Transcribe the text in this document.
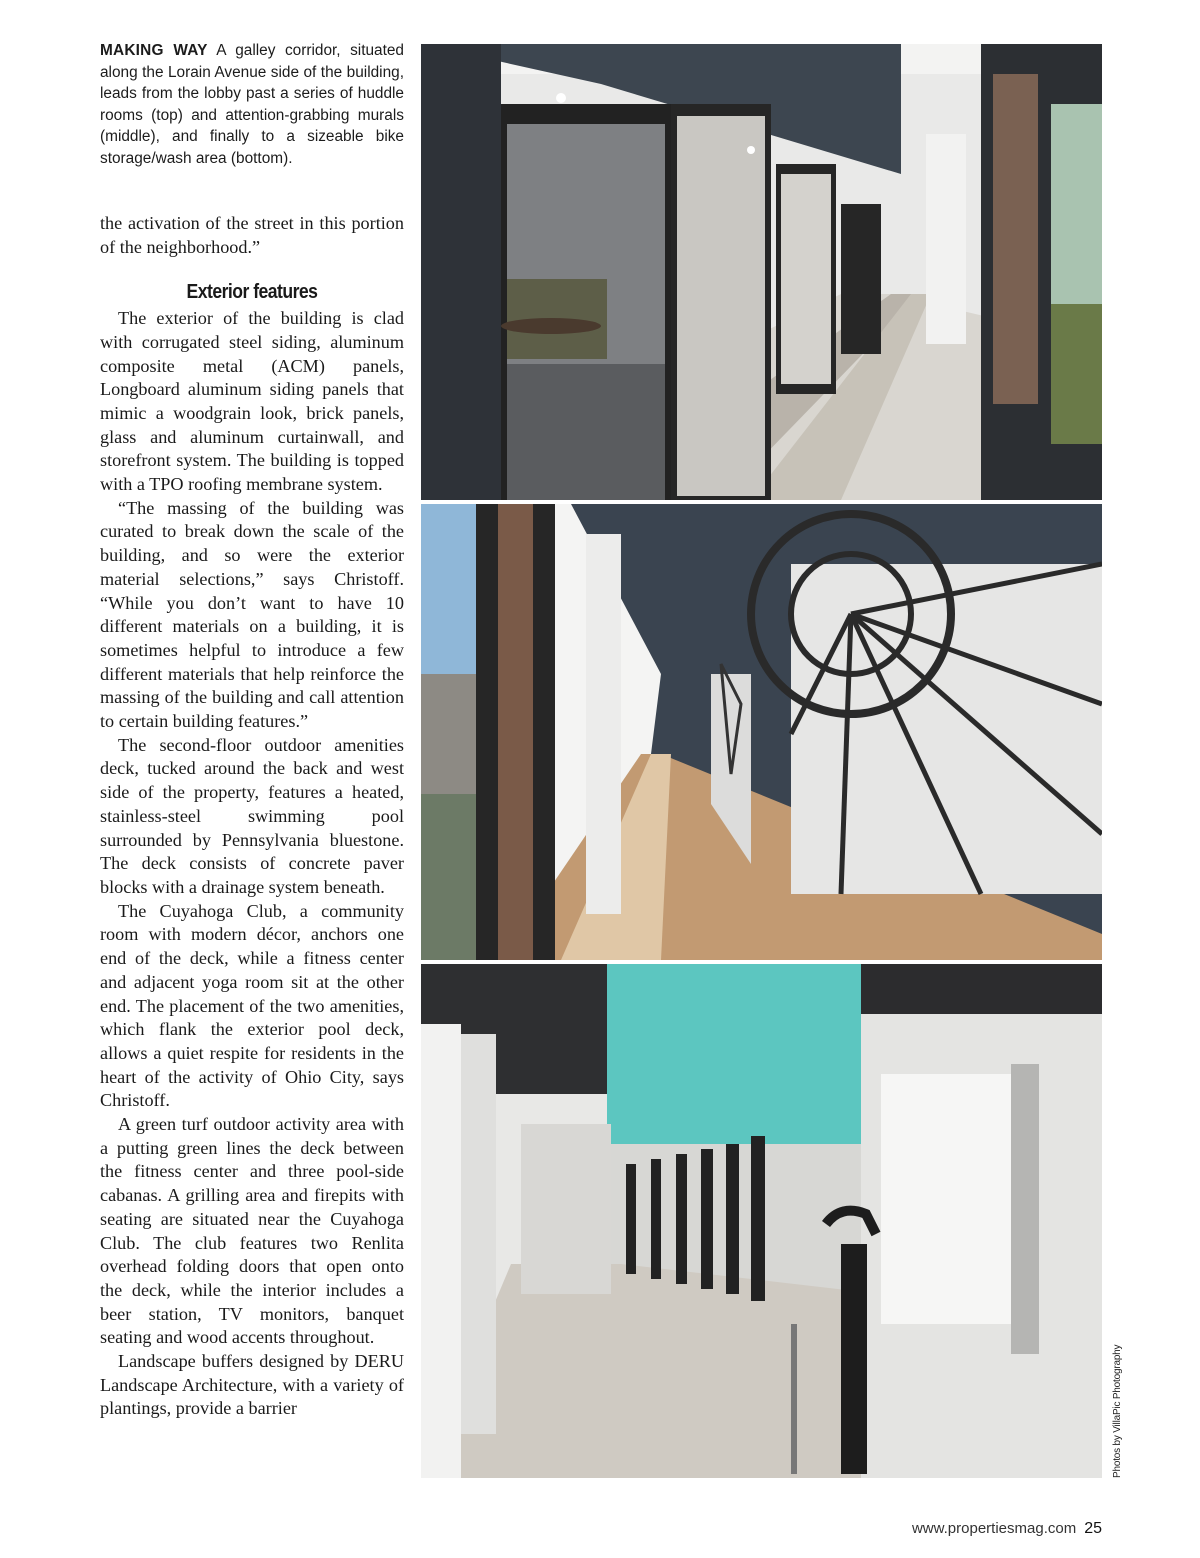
MAKING WAY A galley corridor, situated along the Lorain Avenue side of the building, leads from the lobby past a series of huddle rooms (top) and attention-grabbing murals (middle), and finally to a sizeable bike storage/wash area (bottom).

the activation of the street in this portion of the neighborhood.”

Exterior features

The exterior of the building is clad with corrugated steel siding, aluminum composite metal (ACM) panels, Longboard aluminum siding panels that mimic a woodgrain look, brick panels, glass and aluminum curtainwall, and storefront system. The building is topped with a TPO roofing membrane system.

“The massing of the building was curated to break down the scale of the building, and so were the exterior material selections,” says Christoff. “While you don’t want to have 10 different materials on a building, it is sometimes helpful to introduce a few different materials that help reinforce the massing of the building and call attention to certain building features.”

The second-floor outdoor amenities deck, tucked around the back and west side of the property, features a heated, stainless-steel swimming pool surrounded by Pennsylvania bluestone. The deck consists of concrete paver blocks with a drainage system beneath.

The Cuyahoga Club, a community room with modern décor, anchors one end of the deck, while a fitness center and adjacent yoga room sit at the other end. The placement of the two amenities, which flank the exterior pool deck, allows a quiet respite for residents in the heart of the activity of Ohio City, says Christoff.

A green turf outdoor activity area with a putting green lines the deck between the fitness center and three pool-side cabanas. A grilling area and firepits with seating are situated near the Cuyahoga Club. The club features two Renlita overhead folding doors that open onto the deck, while the interior includes a beer station, TV monitors, banquet seating and wood accents throughout.

Landscape buffers designed by DERU Landscape Architecture, with a variety of plantings, provide a barrier	Photos by VillaPic Photography
www.propertiesmag.com 25
